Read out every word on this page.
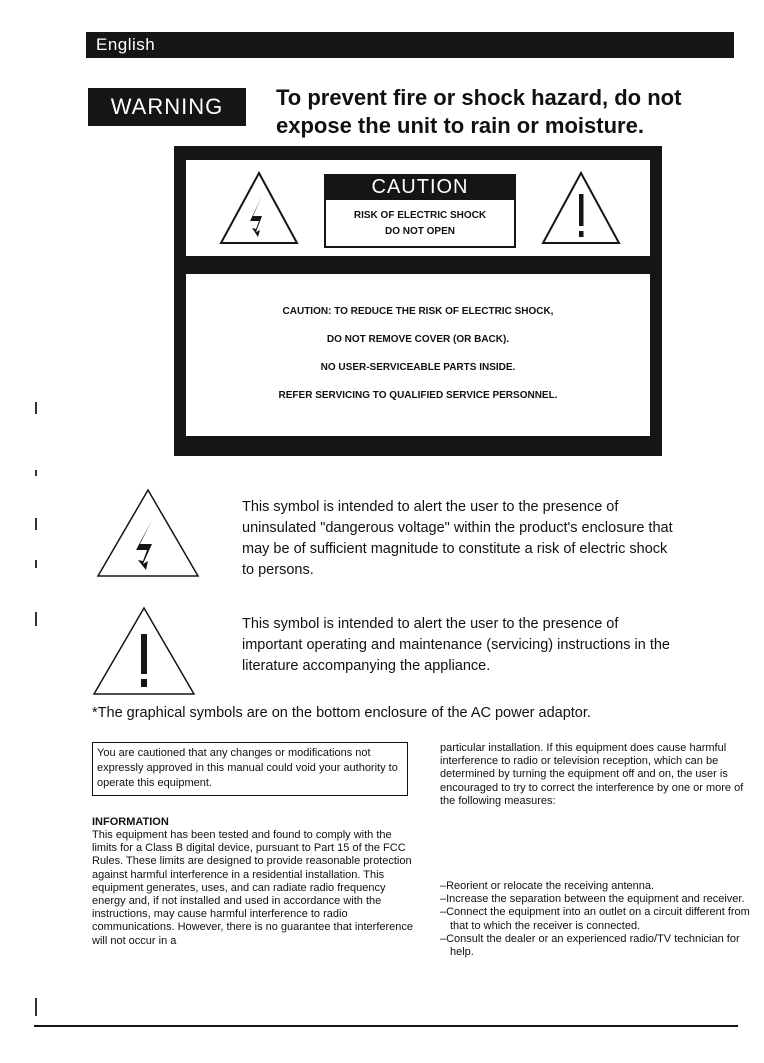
English
WARNING	To prevent fire or shock hazard, do not expose the unit to rain or moisture.
CAUTION
RISK OF ELECTRIC SHOCK
DO NOT OPEN
CAUTION: TO REDUCE THE RISK OF ELECTRIC SHOCK,
DO NOT REMOVE COVER (OR BACK).
NO USER-SERVICEABLE PARTS INSIDE.
REFER SERVICING TO QUALIFIED SERVICE PERSONNEL.
This symbol is intended to alert the user to the presence of uninsulated "dangerous voltage" within the product's enclosure that may be of sufficient magnitude to constitute a risk of electric shock to persons.
This symbol is intended to alert the user to the presence of important operating and maintenance (servicing) instructions in the literature accompanying the appliance.
*The graphical symbols are on the bottom enclosure of the AC power adaptor.
You are cautioned that any changes or modifications not expressly approved in this manual could void your authority to operate this equipment.
INFORMATION
This equipment has been tested and found to comply with the limits for a Class B digital device, pursuant to Part 15 of the FCC Rules. These limits are designed to provide reasonable protection against harmful interference in a residential installation. This equipment generates, uses, and can radiate radio frequency energy and, if not installed and used in accordance with the instructions, may cause harmful interference to radio communications. However, there is no guarantee that interference will not occur in a
particular installation. If this equipment does cause harmful interference to radio or television reception, which can be determined by turning the equipment off and on, the user is encouraged to try to correct the interference by one or more of the following measures:
–Reorient or relocate the receiving antenna.
–Increase the separation between the equipment and receiver.
–Connect the equipment into an outlet on a circuit different from that to which the receiver is connected.
–Consult the dealer or an experienced radio/TV technician for help.
